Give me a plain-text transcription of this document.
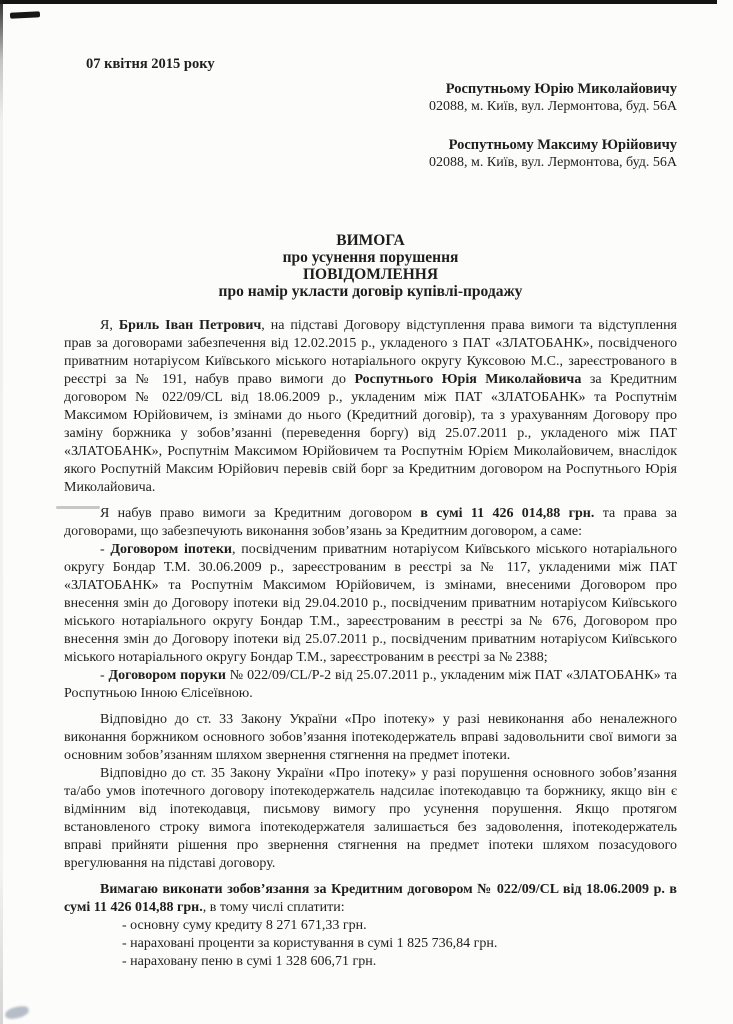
07 квітня 2015 року
Роспутньому Юрію Миколайовичу
02088, м. Київ, вул. Лермонтова, буд. 56А
Роспутньому Максиму Юрійовичу
02088, м. Київ, вул. Лермонтова, буд. 56А
ВИМОГА
про усунення порушення
ПОВІДОМЛЕННЯ
про намір укласти договір купівлі-продажу

Я, Бриль Іван Петрович, на підставі Договору відступлення права вимоги та відступлення прав за договорами забезпечення від 12.02.2015 р., укладеного з ПАТ «ЗЛАТОБАНК», посвідченого приватним нотаріусом Київського міського нотаріального округу Куксовою М.С., зареєстрованого в реєстрі за № 191, набув право вимоги до Роспутнього Юрія Миколайовича за Кредитним договором № 022/09/CL від 18.06.2009 р., укладеним між ПАТ «ЗЛАТОБАНК» та Роспутнім Максимом Юрійовичем, із змінами до нього (Кредитний договір), та з урахуванням Договору про заміну боржника у зобов’язанні (переведення боргу) від 25.07.2011 р., укладеного між ПАТ «ЗЛАТОБАНК», Роспутнім Максимом Юрійовичем та Роспутнім Юрієм Миколайовичем, внаслідок якого Роспутній Максим Юрійович перевів свій борг за Кредитним договором на Роспутнього Юрія Миколайовича.

Я набув право вимоги за Кредитним договором в сумі 11 426 014,88 грн. та права за договорами, що забезпечують виконання зобов’язань за Кредитним договором, а саме:

- Договором іпотеки, посвідченим приватним нотаріусом Київського міського нотаріального округу Бондар Т.М. 30.06.2009 р., зареєстрованим в реєстрі за № 117, укладеними між ПАТ «ЗЛАТОБАНК» та Роспутнім Максимом Юрійовичем, із змінами, внесеними Договором про внесення змін до Договору іпотеки від 29.04.2010 р., посвідченим приватним нотаріусом Київського міського нотаріального округу Бондар Т.М., зареєстрованим в реєстрі за № 676, Договором про внесення змін до Договору іпотеки від 25.07.2011 р., посвідченим приватним нотаріусом Київського міського нотаріального округу Бондар Т.М., зареєстрованим в реєстрі за № 2388;

- Договором поруки № 022/09/CL/P-2 від 25.07.2011 р., укладеним між ПАТ «ЗЛАТОБАНК» та Роспутньою Інною Єлісеївною.

Відповідно до ст. 33 Закону України «Про іпотеку» у разі невиконання або неналежного виконання боржником основного зобов’язання іпотекодержатель вправі задовольнити свої вимоги за основним зобов’язанням шляхом звернення стягнення на предмет іпотеки.

Відповідно до ст. 35 Закону України «Про іпотеку» у разі порушення основного зобов’язання та/або умов іпотечного договору іпотекодержатель надсилає іпотекодавцю та боржнику, якщо він є відмінним від іпотекодавця, письмову вимогу про усунення порушення. Якщо протягом встановленого строку вимога іпотекодержателя залишається без задоволення, іпотекодержатель вправі прийняти рішення про звернення стягнення на предмет іпотеки шляхом позасудового врегулювання на підставі договору.

Вимагаю виконати зобов’язання за Кредитним договором № 022/09/CL від 18.06.2009 р. в сумі 11 426 014,88 грн., в тому числі сплатити:

- основну суму кредиту 8 271 671,33 грн.
- нараховані проценти за користування в сумі 1 825 736,84 грн.
- нараховану пеню в сумі 1 328 606,71 грн.
